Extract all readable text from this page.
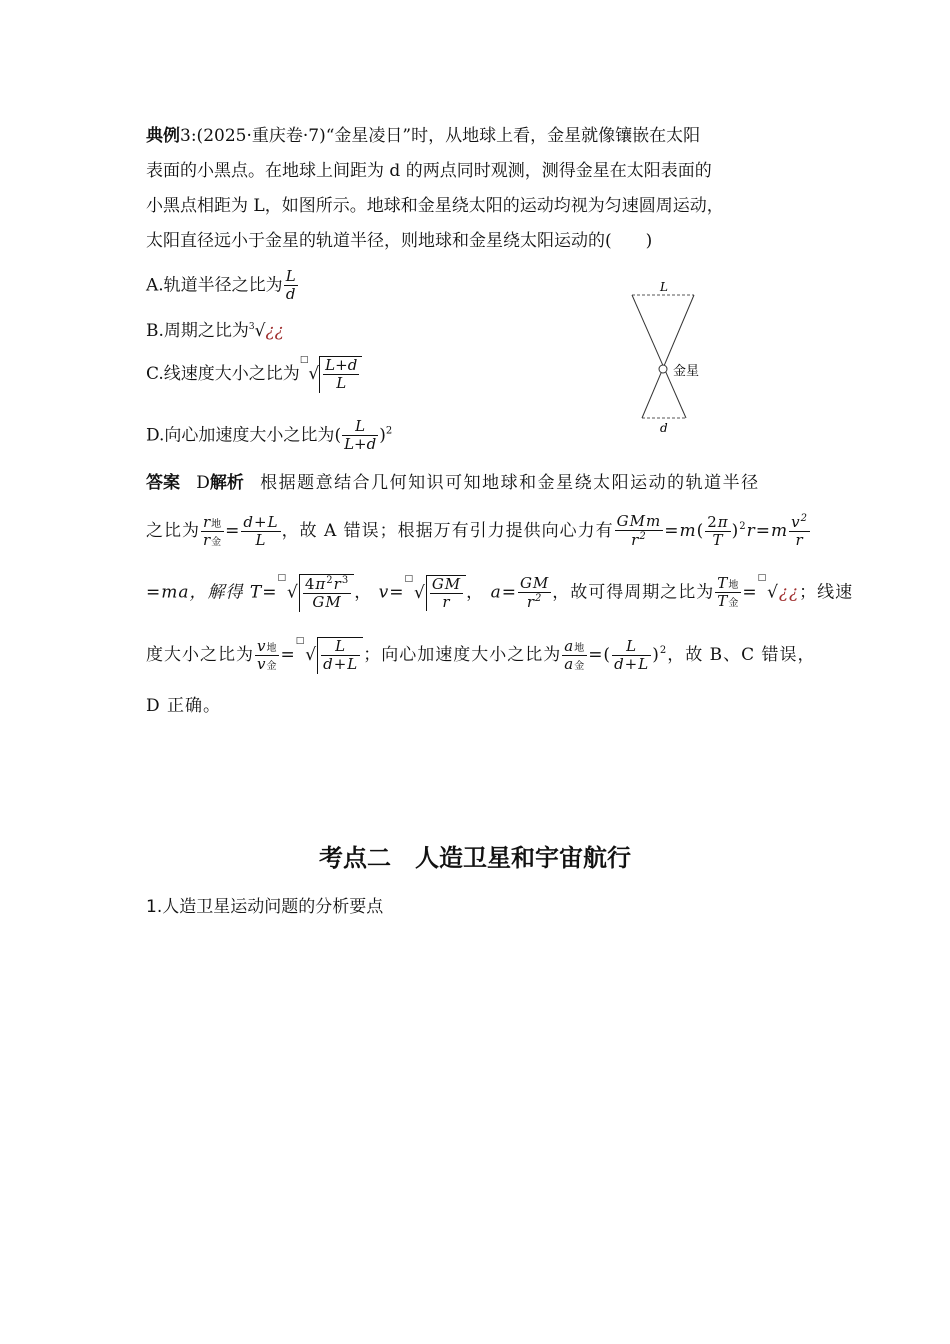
典例3:(2025·重庆卷·7)“金星凌日”时，从地球上看，金星就像镶嵌在太阳
表面的小黑点。在地球上间距为 d 的两点同时观测，测得金星在太阳表面的
小黑点相距为 L，如图所示。地球和金星绕太阳的运动均视为匀速圆周运动，
太阳直径远小于金星的轨道半径，则地球和金星绕太阳运动的(　　)
A.轨道半径之比为 $\frac{L}{d}$
B.周期之比为$^3$√¿¿
C.线速度大小之比为$^□√ \frac{L+d}{L}$
D.向心加速度大小之比为( $\frac{L}{L+d} )^2$
L
d
金星
答案 D解析 根据题意结合几何知识可知地球和金星绕太阳运动的轨道半径
之比为 $\frac{\text{r地}}{\text{r金}} = \frac{d+L}{L}$ ，故 A 错误；根据万有引力提供向心力有 $\frac{\text{GMm}}{r^2} =m( \frac{2\pi}{T} )^2r=m \frac{v^2}{r}$
=ma，解得 $T=^□√ \frac{4\pi^2r^3}{GM}$ ， $v=^□√ \frac{GM}{r}$ ， $a= \frac{GM}{r^2}$ ，故可得周期之比为 $\frac{\text{T地}}{\text{T金}}$ =□√¿¿；线速
度大小之比为 $\frac{\text{v地}}{\text{v金}} =^□√ \frac{L}{d+L}$ ；向心加速度大小之比为 $\frac{\text{a地}}{\text{a金}}$ =( $\frac{L}{d+L} )^2$，故 B、C 错误，
D 正确。
考点二　人造卫星和宇宙航行
1.人造卫星运动问题的分析要点
